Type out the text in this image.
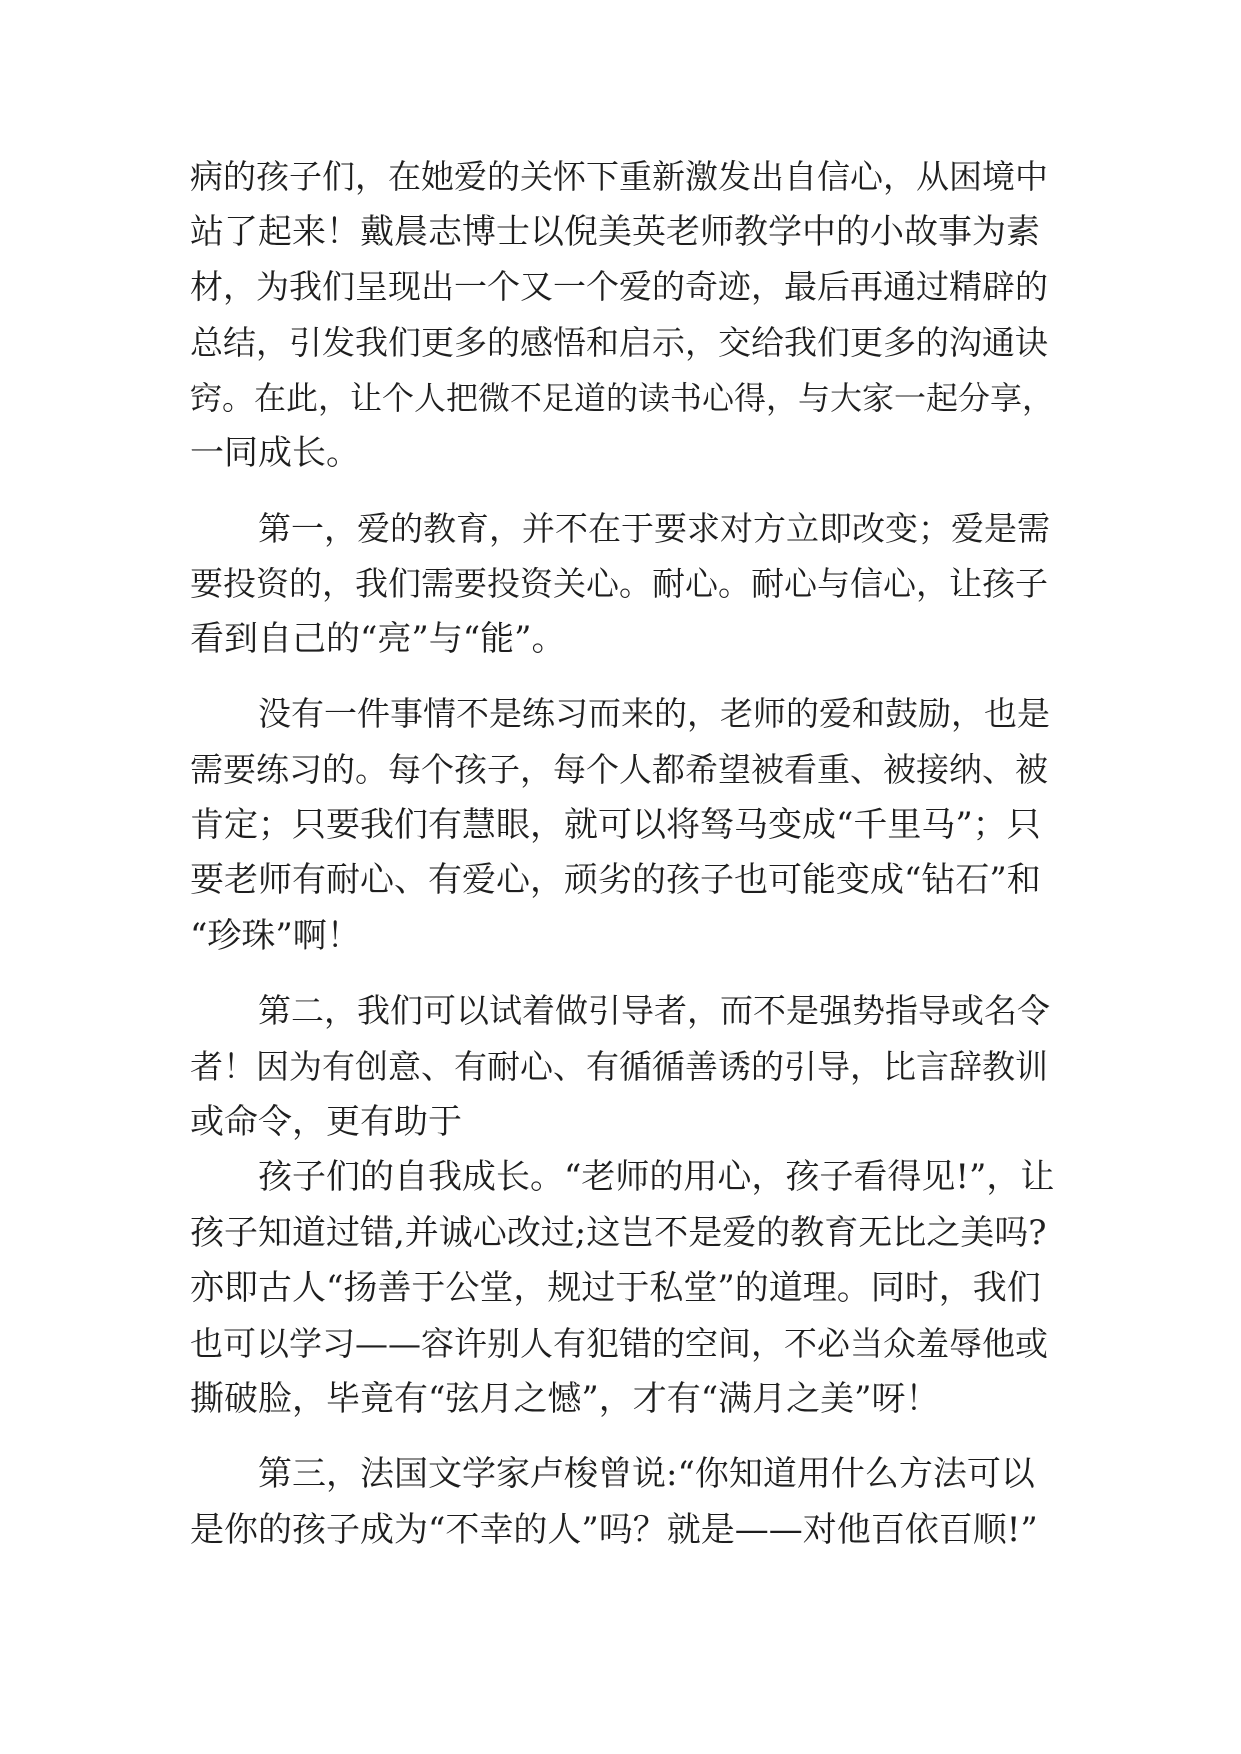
病的孩子们，在她爱的关怀下重新激发出自信心，从困境中

站了起来！戴晨志博士以倪美英老师教学中的小故事为素

材，为我们呈现出一个又一个爱的奇迹，最后再通过精辟的

总结，引发我们更多的感悟和启示，交给我们更多的沟通诀

窍。在此，让个人把微不足道的读书心得，与大家一起分享，

一同成长。

第一，爱的教育，并不在于要求对方立即改变；爱是需

要投资的，我们需要投资关心。耐心。耐心与信心，让孩子

看到自己的“亮”与“能”。

没有一件事情不是练习而来的，老师的爱和鼓励，也是

需要练习的。每个孩子，每个人都希望被看重、被接纳、被

肯定；只要我们有慧眼，就可以将驽马变成“千里马”；只

要老师有耐心、有爱心，顽劣的孩子也可能变成“钻石”和

“珍珠”啊！

第二，我们可以试着做引导者，而不是强势指导或名令

者！因为有创意、有耐心、有循循善诱的引导，比言辞教训

或命令，更有助于

孩子们的自我成长。“老师的用心，孩子看得见!”，让

孩子知道过错,并诚心改过;这岂不是爱的教育无比之美吗?

亦即古人“扬善于公堂，规过于私堂”的道理。同时，我们

也可以学习——容许别人有犯错的空间，不必当众羞辱他或

撕破脸，毕竟有“弦月之憾”，才有“满月之美”呀！

第三，法国文学家卢梭曾说:“你知道用什么方法可以

是你的孩子成为“不幸的人”吗？就是——对他百依百顺!”
